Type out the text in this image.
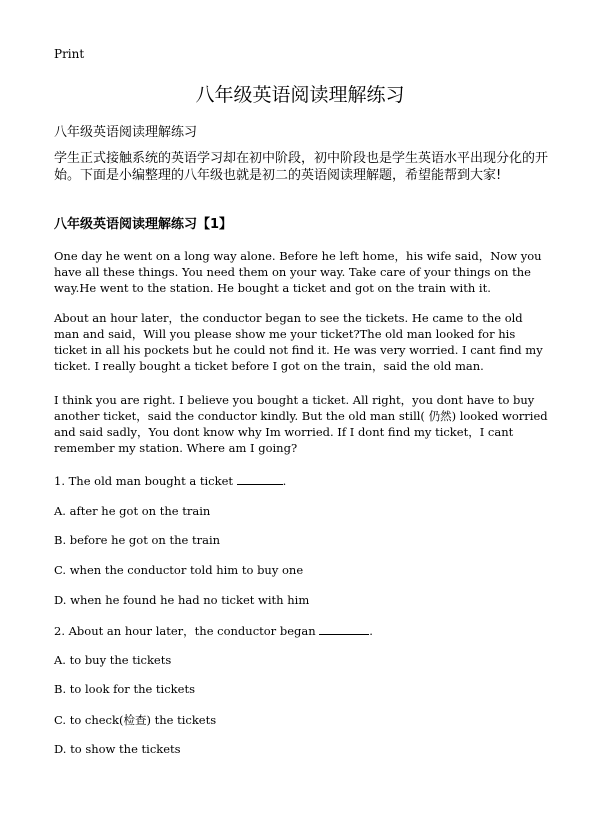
Print
八年级英语阅读理解练习
八年级英语阅读理解练习
学生正式接触系统的英语学习却在初中阶段，初中阶段也是学生英语水平出现分化的开始。下面是小编整理的八年级也就是初二的英语阅读理解题，希望能帮到大家!
八年级英语阅读理解练习【1】
One day he went on a long way alone. Before he left home，his wife said，Now you have all these things. You need them on your way. Take care of your things on the way.He went to the station. He bought a ticket and got on the train with it.
About an hour later，the conductor began to see the tickets. He came to the old man and said，Will you please show me your ticket?The old man looked for his ticket in all his pockets but he could not find it. He was very worried. I cant find my ticket. I really bought a ticket before I got on the train，said the old man.
I think you are right. I believe you bought a ticket. All right，you dont have to buy another ticket，said the conductor kindly. But the old man still( 仍然) looked worried and said sadly，You dont know why Im worried. If I dont find my ticket，I cant remember my station. Where am I going?
1. The old man bought a ticket	.
A. after he got on the train
B. before he got on the train
C. when the conductor told him to buy one
D. when he found he had no ticket with him
2. About an hour later，the conductor began	.
A. to buy the tickets
B. to look for the tickets
C. to check(检查) the tickets
D. to show the tickets
